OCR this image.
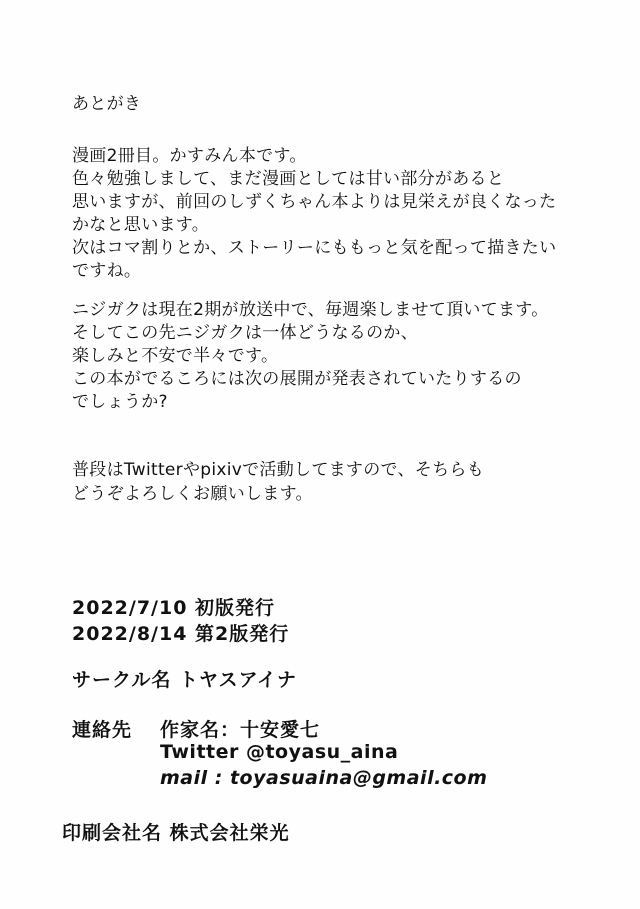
あとがき
漫画2冊目。かすみん本です。
色々勉強しまして、まだ漫画としては甘い部分があると
思いますが、前回のしずくちゃん本よりは見栄えが良くなった
かなと思います。
次はコマ割りとか、ストーリーにももっと気を配って描きたい
ですね。
ニジガクは現在2期が放送中で、毎週楽しませて頂いてます。
そしてこの先ニジガクは一体どうなるのか、
楽しみと不安で半々です。
この本がでるころには次の展開が発表されていたりするの
でしょうか?
普段はTwitterやpixivで活動してますので、そちらも
どうぞよろしくお願いします。
2022/7/10 初版発行
2022/8/14 第2版発行
サークル名 トヤスアイナ
連絡先 作家名：十安愛七
Twitter @toyasu_aina
mail : toyasuaina@gmail.com
印刷会社名 株式会社栄光
